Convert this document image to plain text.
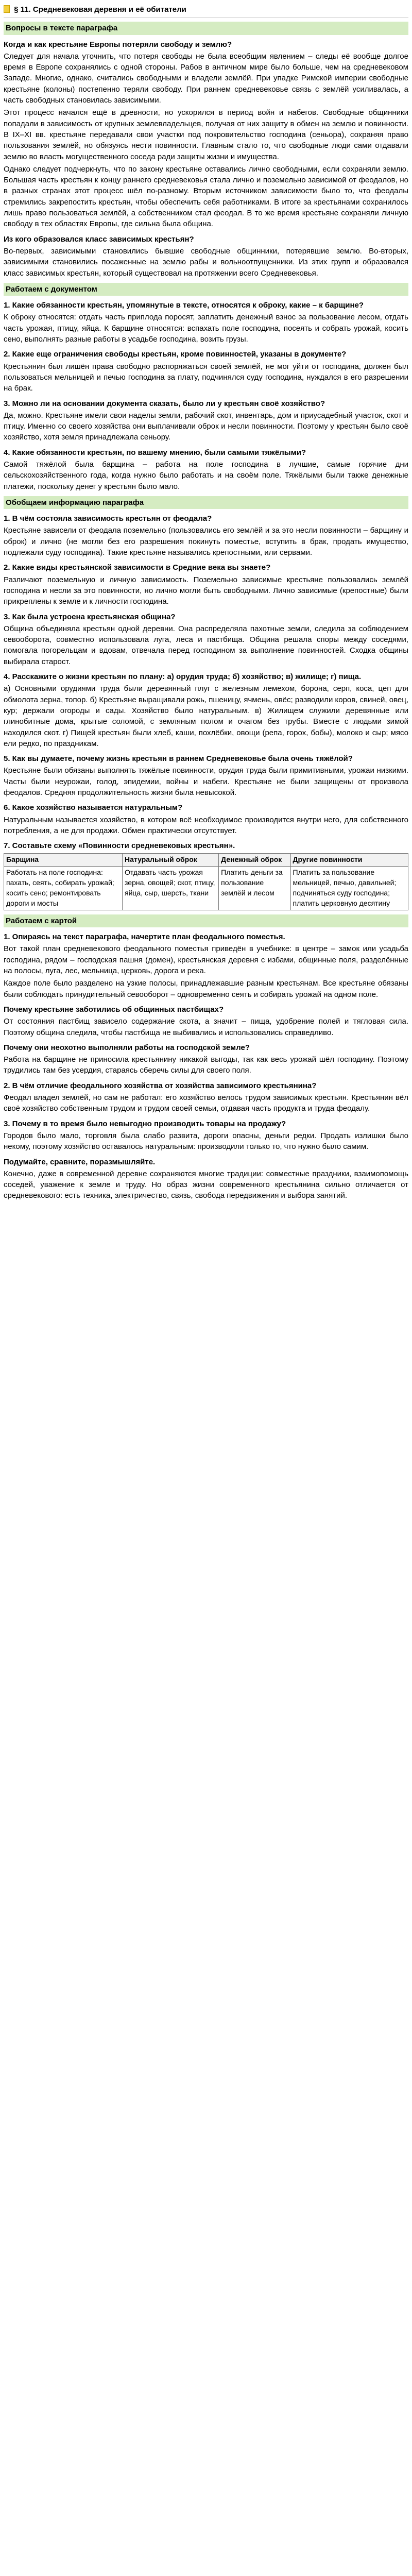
§ 11. Средневековая деревня и её обитатели
Вопросы в тексте параграфа
Когда и как крестьяне Европы потеряли свободу и землю?

Следует для начала уточнить, что потеря свободы не была всеобщим явлением – следы её вообще долгое время в Европе сохранялись с одной стороны. Рабов в античном мире было больше, чем на средневековом Западе. Многие, однако, считались свободными и владели землёй. При упадке Римской империи свободные крестьяне (колоны) постепенно теряли свободу. При раннем средневековье связь с землёй усиливалась, а часть свободных становилась зависимыми.

Этот процесс начался ещё в древности, но ускорился в период войн и набегов. Свободные общинники попадали в зависимость от крупных землевладельцев, получая от них защиту в обмен на землю и повинности. В IX–XI вв. крестьяне передавали свои участки под покровительство господина (сеньора), сохраняя право пользования землёй, но обязуясь нести повинности. Главным стало то, что свободные люди сами отдавали землю во власть могущественного соседа ради защиты жизни и имущества.

Однако следует подчеркнуть, что по закону крестьяне оставались лично свободными, если сохраняли землю. Большая часть крестьян к концу раннего средневековья стала лично и поземельно зависимой от феодалов, но в разных странах этот процесс шёл по-разному. Вторым источником зависимости было то, что феодалы стремились закрепостить крестьян, чтобы обеспечить себя работниками. В итоге за крестьянами сохранилось лишь право пользоваться землёй, а собственником стал феодал. В то же время крестьяне сохраняли личную свободу в тех областях Европы, где сильна была община.

Из кого образовался класс зависимых крестьян?

Во-первых, зависимыми становились бывшие свободные общинники, потерявшие землю. Во-вторых, зависимыми становились посаженные на землю рабы и вольноотпущенники. Из этих групп и образовался класс зависимых крестьян, который существовал на протяжении всего Средневековья.

Работаем с документом
1. Какие обязанности крестьян, упомянутые в тексте, относятся к оброку, какие – к барщине?

К оброку относятся: отдать часть приплода поросят, заплатить денежный взнос за пользование лесом, отдать часть урожая, птицу, яйца. К барщине относятся: вспахать поле господина, посеять и собрать урожай, косить сено, выполнять разные работы в усадьбе господина, возить грузы.

2. Какие еще ограничения свободы крестьян, кроме повинностей, указаны в документе?

Крестьянин был лишён права свободно распоряжаться своей землёй, не мог уйти от господина, должен был пользоваться мельницей и печью господина за плату, подчинялся суду господина, нуждался в его разрешении на брак.

3. Можно ли на основании документа сказать, было ли у крестьян своё хозяйство?

Да, можно. Крестьяне имели свои наделы земли, рабочий скот, инвентарь, дом и приусадебный участок, скот и птицу. Именно со своего хозяйства они выплачивали оброк и несли повинности. Поэтому у крестьян было своё хозяйство, хотя земля принадлежала сеньору.

4. Какие обязанности крестьян, по вашему мнению, были самыми тяжёлыми?

Самой тяжёлой была барщина – работа на поле господина в лучшие, самые горячие дни сельскохозяйственного года, когда нужно было работать и на своём поле. Тяжёлыми были также денежные платежи, поскольку денег у крестьян было мало.

Обобщаем информацию параграфа
1. В чём состояла зависимость крестьян от феодала?

Крестьяне зависели от феодала поземельно (пользовались его землёй и за это несли повинности – барщину и оброк) и лично (не могли без его разрешения покинуть поместье, вступить в брак, продать имущество, подлежали суду господина). Такие крестьяне назывались крепостными, или сервами.

2. Какие виды крестьянской зависимости в Средние века вы знаете?

Различают поземельную и личную зависимость. Поземельно зависимые крестьяне пользовались землёй господина и несли за это повинности, но лично могли быть свободными. Лично зависимые (крепостные) были прикреплены к земле и к личности господина.

3. Как была устроена крестьянская община?

Община объединяла крестьян одной деревни. Она распределяла пахотные земли, следила за соблюдением севооборота, совместно использовала луга, леса и пастбища. Община решала споры между соседями, помогала погорельцам и вдовам, отвечала перед господином за выполнение повинностей. Сходка общины выбирала старост.

4. Расскажите о жизни крестьян по плану: а) орудия труда; б) хозяйство; в) жилище; г) пища.

а) Основными орудиями труда были деревянный плуг с железным лемехом, борона, серп, коса, цеп для обмолота зерна, топор. б) Крестьяне выращивали рожь, пшеницу, ячмень, овёс; разводили коров, свиней, овец, кур; держали огороды и сады. Хозяйство было натуральным. в) Жилищем служили деревянные или глинобитные дома, крытые соломой, с земляным полом и очагом без трубы. Вместе с людьми зимой находился скот. г) Пищей крестьян были хлеб, каши, похлёбки, овощи (репа, горох, бобы), молоко и сыр; мясо ели редко, по праздникам.

5. Как вы думаете, почему жизнь крестьян в раннем Средневековье была очень тяжёлой?

Крестьяне были обязаны выполнять тяжёлые повинности, орудия труда были примитивными, урожаи низкими. Часты были неурожаи, голод, эпидемии, войны и набеги. Крестьяне не были защищены от произвола феодалов. Средняя продолжительность жизни была невысокой.

6. Какое хозяйство называется натуральным?

Натуральным называется хозяйство, в котором всё необходимое производится внутри него, для собственного потребления, а не для продажи. Обмен практически отсутствует.

7. Составьте схему «Повинности средневековых крестьян».
Барщина	Натуральный оброк	Денежный оброк	Другие повинности
Работать на поле господина: пахать, сеять, собирать урожай; косить сено; ремонтировать дороги и мосты	Отдавать часть урожая зерна, овощей; скот, птицу, яйца, сыр, шерсть, ткани	Платить деньги за пользование землёй и лесом	Платить за пользование мельницей, печью, давильней; подчиняться суду господина; платить церковную десятину
Работаем с картой
1. Опираясь на текст параграфа, начертите план феодального поместья.

Вот такой план средневекового феодального поместья приведён в учебнике: в центре – замок или усадьба господина, рядом – господская пашня (домен), крестьянская деревня с избами, общинные поля, разделённые на полосы, луга, лес, мельница, церковь, дорога и река.

Каждое поле было разделено на узкие полосы, принадлежавшие разным крестьянам. Все крестьяне обязаны были соблюдать принудительный севооборот – одновременно сеять и собирать урожай на одном поле.

Почему крестьяне заботились об общинных пастбищах?

От состояния пастбищ зависело содержание скота, а значит – пища, удобрение полей и тягловая сила. Поэтому община следила, чтобы пастбища не выбивались и использовались справедливо.

Почему они неохотно выполняли работы на господской земле?

Работа на барщине не приносила крестьянину никакой выгоды, так как весь урожай шёл господину. Поэтому трудились там без усердия, стараясь сберечь силы для своего поля.

2. В чём отличие феодального хозяйства от хозяйства зависимого крестьянина?

Феодал владел землёй, но сам не работал: его хозяйство велось трудом зависимых крестьян. Крестьянин вёл своё хозяйство собственным трудом и трудом своей семьи, отдавая часть продукта и труда феодалу.

3. Почему в то время было невыгодно производить товары на продажу?

Городов было мало, торговля была слабо развита, дороги опасны, деньги редки. Продать излишки было некому, поэтому хозяйство оставалось натуральным: производили только то, что нужно было самим.

Подумайте, сравните, поразмышляйте.

Конечно, даже в современной деревне сохраняются многие традиции: совместные праздники, взаимопомощь соседей, уважение к земле и труду. Но образ жизни современного крестьянина сильно отличается от средневекового: есть техника, электричество, связь, свобода передвижения и выбора занятий.
